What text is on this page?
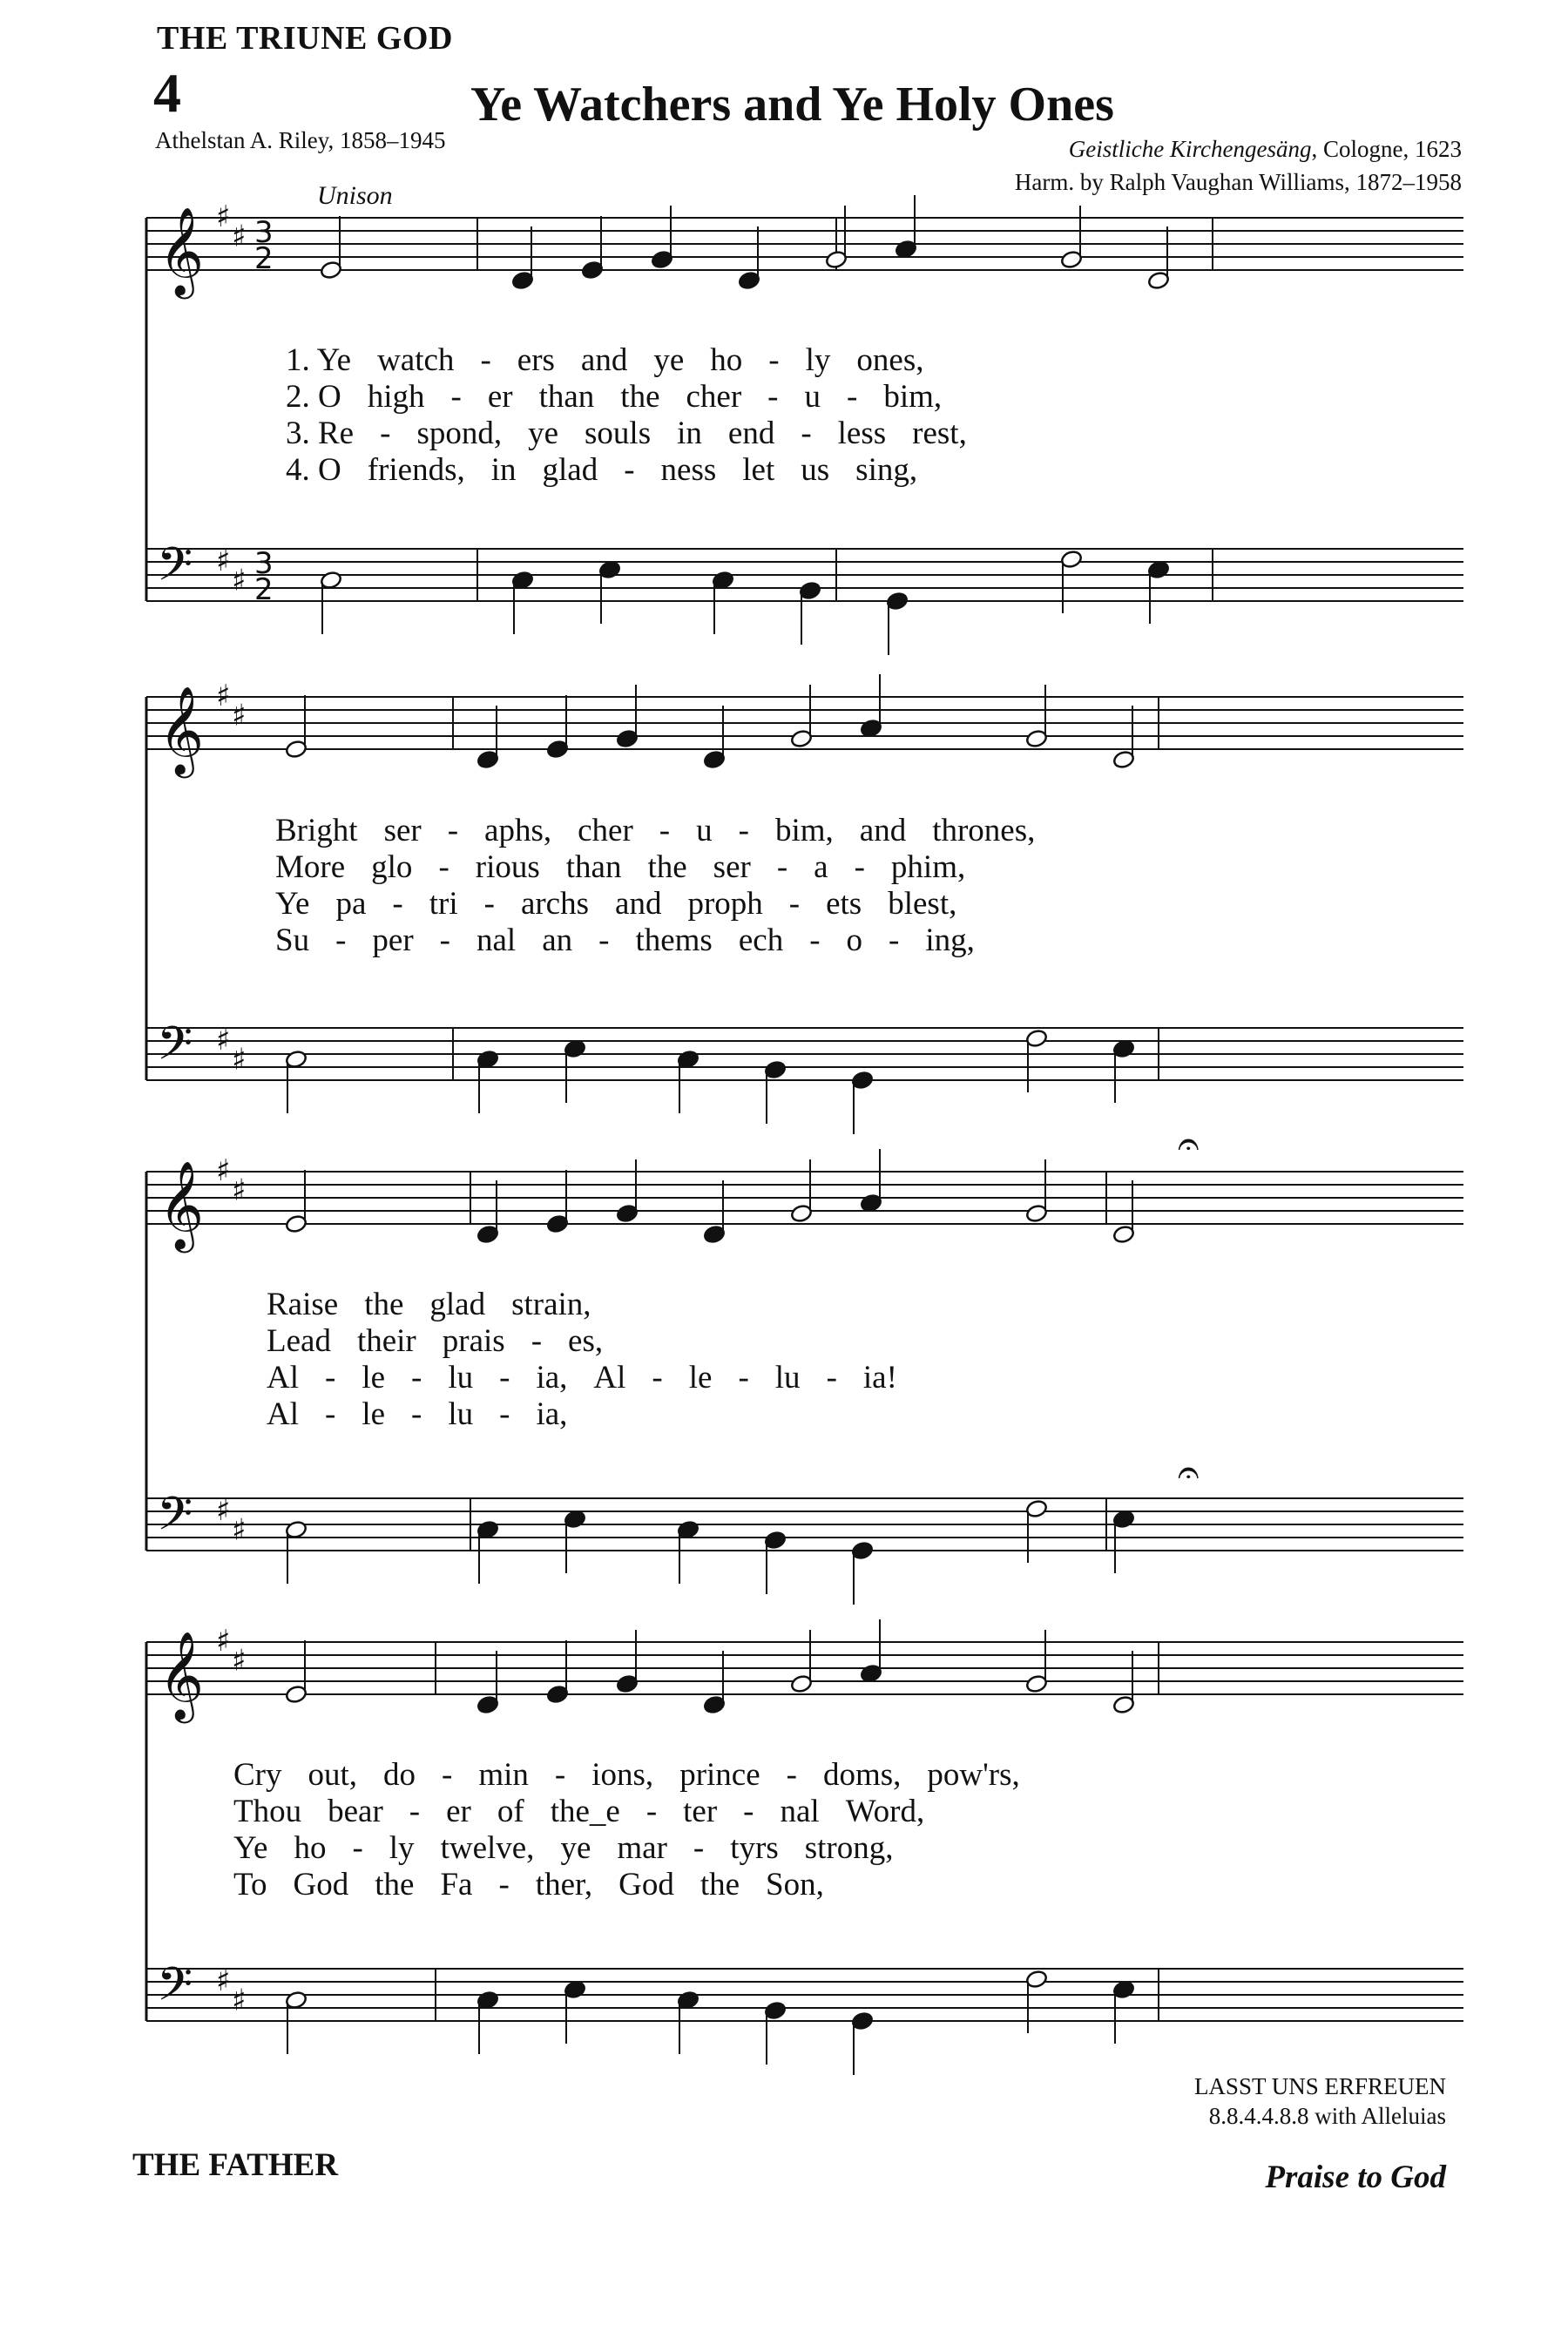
THE TRIUNE GOD
4	Ye Watchers and Ye Holy Ones
Athelstan A. Riley, 1858–1945	Geistliche Kirchengesäng, Cologne, 1623
Harm. by Ralph Vaughan Williams, 1872–1958
Unison
𝄞 ♯
♯
𝄢 ♯
♯
3
2
3
2
𝄞 ♯
♯
𝄢 ♯
♯
𝄞 ♯
♯
𝄢 ♯
♯
𝄞 ♯
♯
𝄢 ♯
♯
𝄐
𝄐
1. Ye watch - ers and ye ho - ly ones,
2. O high - er than the cher - u - bim,
3. Re - spond, ye souls in end - less rest,
4. O friends, in glad - ness let us sing,
Bright ser - aphs, cher - u - bim, and thrones,
More glo - rious than the ser - a - phim,
Ye pa - tri - archs and proph - ets blest,
Su - per - nal an - thems ech - o - ing,
Raise the glad strain,
Lead their prais - es,
Al - le - lu - ia, Al - le - lu - ia!
Al - le - lu - ia,
Cry out, do - min - ions, prince - doms, pow'rs,
Thou bear - er of the_e - ter - nal Word,
Ye ho - ly twelve, ye mar - tyrs strong,
To God the Fa - ther, God the Son,
LASST UNS ERFREUEN
8.8.4.4.8.8 with Alleluias
THE FATHER	Praise to God
